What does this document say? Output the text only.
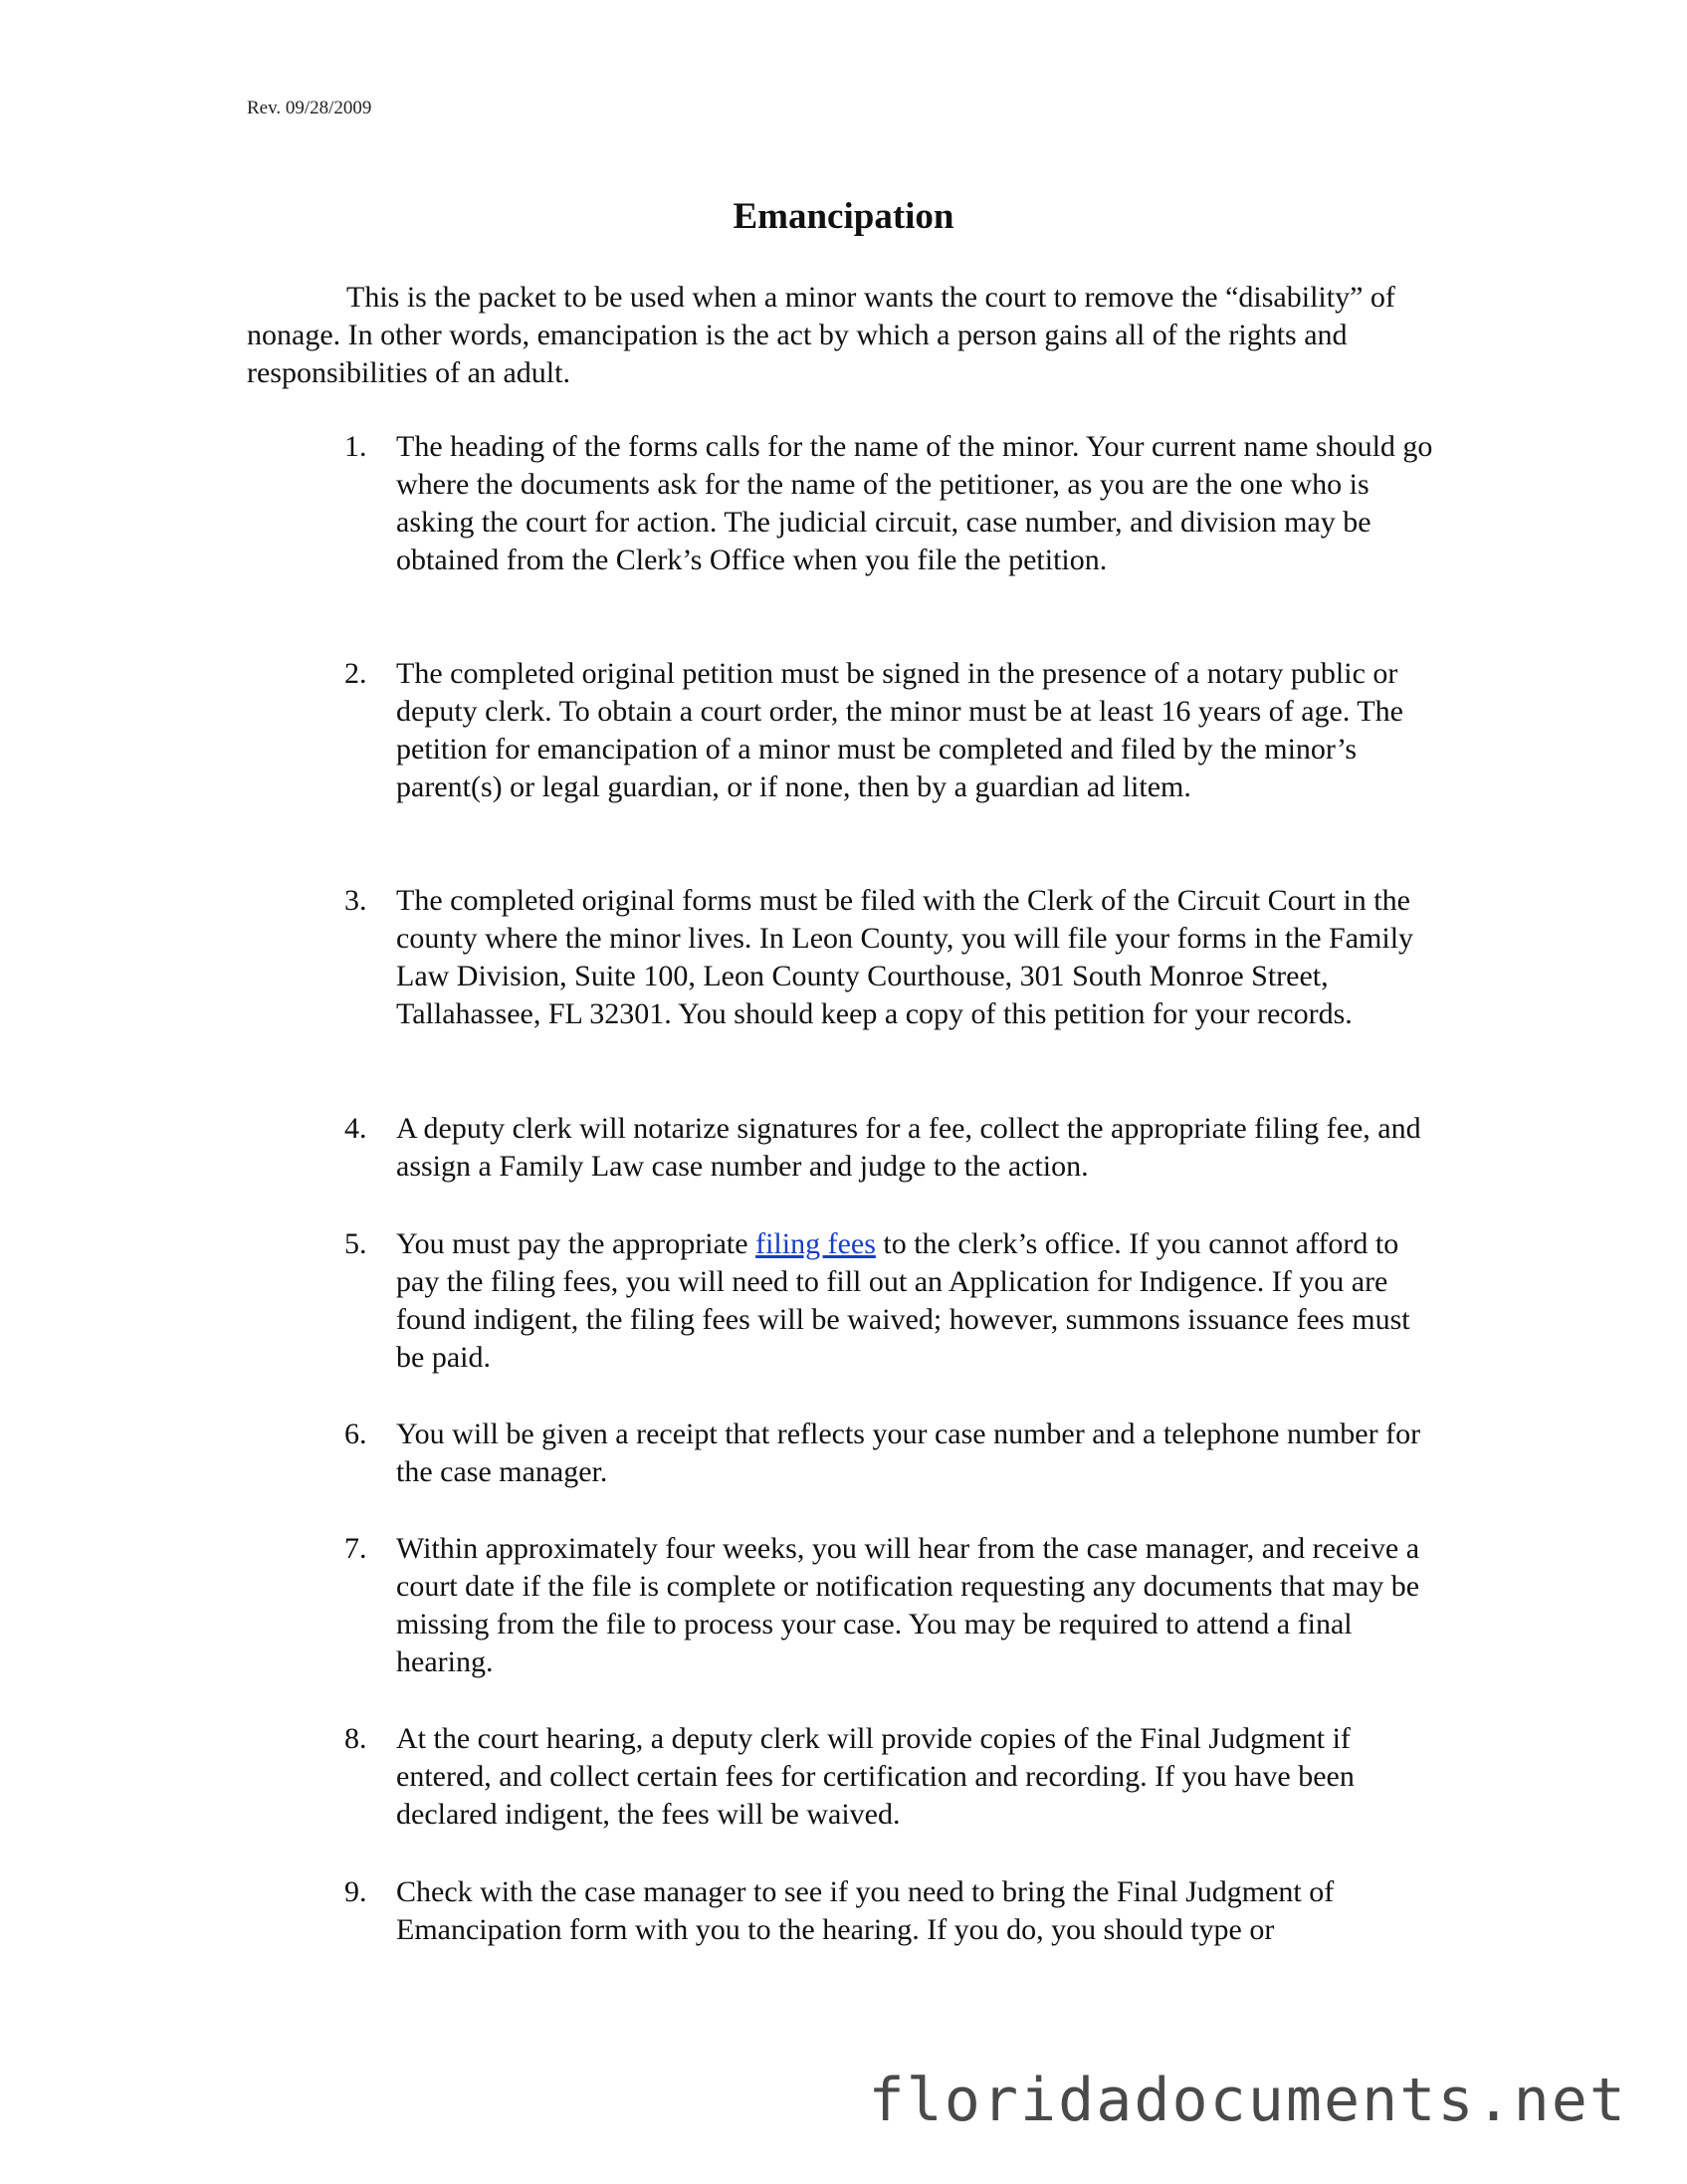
Rev. 09/28/2009
Emancipation

This is the packet to be used when a minor wants the court to remove the “disability” of nonage. In other words, emancipation is the act by which a person gains all of the rights and responsibilities of an adult.

1. The heading of the forms calls for the name of the minor. Your current name should go where the documents ask for the name of the petitioner, as you are the one who is asking the court for action. The judicial circuit, case number, and division may be obtained from the Clerk’s Office when you file the petition.
2. The completed original petition must be signed in the presence of a notary public or deputy clerk. To obtain a court order, the minor must be at least 16 years of age. The petition for emancipation of a minor must be completed and filed by the minor’s parent(s) or legal guardian, or if none, then by a guardian ad litem.
3. The completed original forms must be filed with the Clerk of the Circuit Court in the county where the minor lives. In Leon County, you will file your forms in the Family Law Division, Suite 100, Leon County Courthouse, 301 South Monroe Street, Tallahassee, FL 32301. You should keep a copy of this petition for your records.
4. A deputy clerk will notarize signatures for a fee, collect the appropriate filing fee, and assign a Family Law case number and judge to the action.
5. You must pay the appropriate filing fees to the clerk’s office. If you cannot afford to pay the filing fees, you will need to fill out an Application for Indigence. If you are found indigent, the filing fees will be waived; however, summons issuance fees must be paid.
6. You will be given a receipt that reflects your case number and a telephone number for the case manager.
7. Within approximately four weeks, you will hear from the case manager, and receive a court date if the file is complete or notification requesting any documents that may be missing from the file to process your case. You may be required to attend a final hearing.
8. At the court hearing, a deputy clerk will provide copies of the Final Judgment if entered, and collect certain fees for certification and recording. If you have been declared indigent, the fees will be waived.
9. Check with the case manager to see if you need to bring the Final Judgment of Emancipation form with you to the hearing. If you do, you should type or
floridadocuments.net
